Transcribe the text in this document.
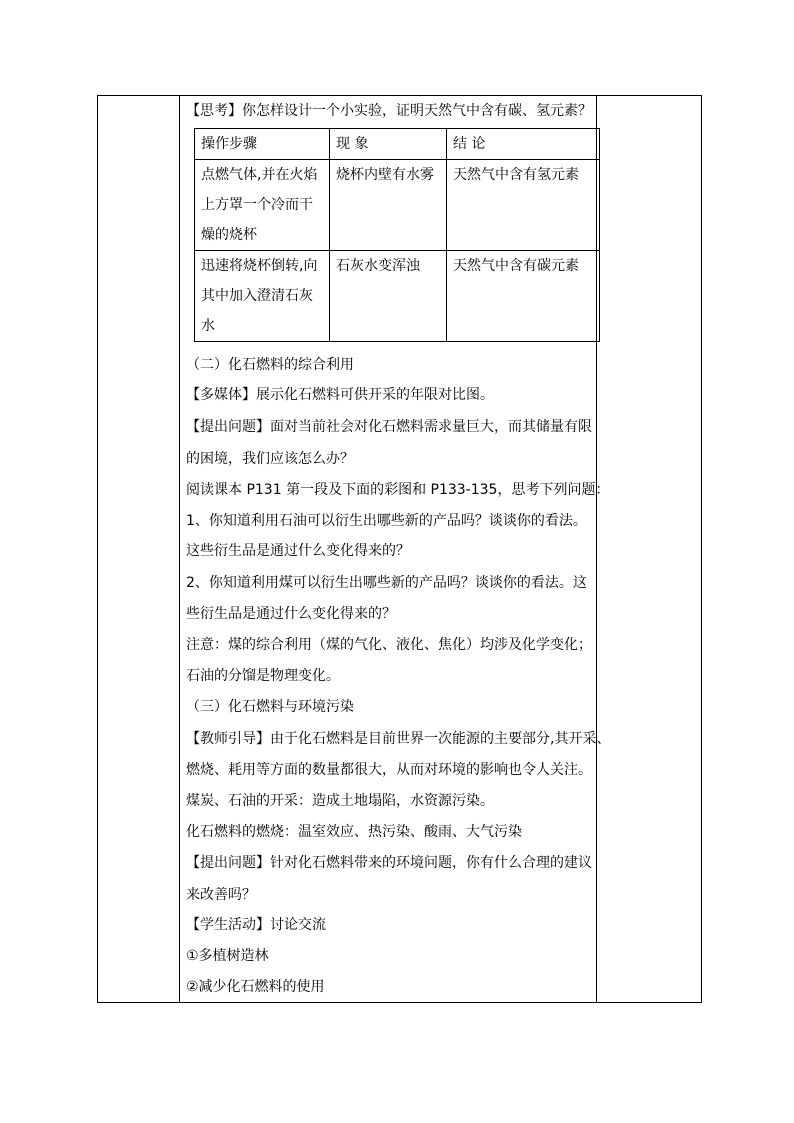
【思考】你怎样设计一个小实验，证明天然气中含有碳、氢元素？
操作步骤	现 象	结 论

点燃气体,并在火焰
上方罩一个冷而干
燥的烧杯	烧杯内壁有水雾	天然气中含有氢元素

迅速将烧杯倒转,向
其中加入澄清石灰
水	石灰水变浑浊	天然气中含有碳元素
（二）化石燃料的综合利用
【多媒体】展示化石燃料可供开采的年限对比图。
【提出问题】面对当前社会对化石燃料需求量巨大，而其储量有限
的困境，我们应该怎么办？
阅读课本 P131 第一段及下面的彩图和 P133-135，思考下列问题：
1、你知道利用石油可以衍生出哪些新的产品吗？谈谈你的看法。
这些衍生品是通过什么变化得来的？
2、你知道利用煤可以衍生出哪些新的产品吗？谈谈你的看法。这
些衍生品是通过什么变化得来的？
注意：煤的综合利用（煤的气化、液化、焦化）均涉及化学变化；
石油的分馏是物理变化。
（三）化石燃料与环境污染
【教师引导】由于化石燃料是目前世界一次能源的主要部分,其开采、
燃烧、耗用等方面的数量都很大，从而对环境的影响也令人关注。
煤炭、石油的开采：造成土地塌陷，水资源污染。
化石燃料的燃烧：温室效应、热污染、酸雨、大气污染
【提出问题】针对化石燃料带来的环境问题，你有什么合理的建议
来改善吗？
【学生活动】讨论交流
①多植树造林
②减少化石燃料的使用
